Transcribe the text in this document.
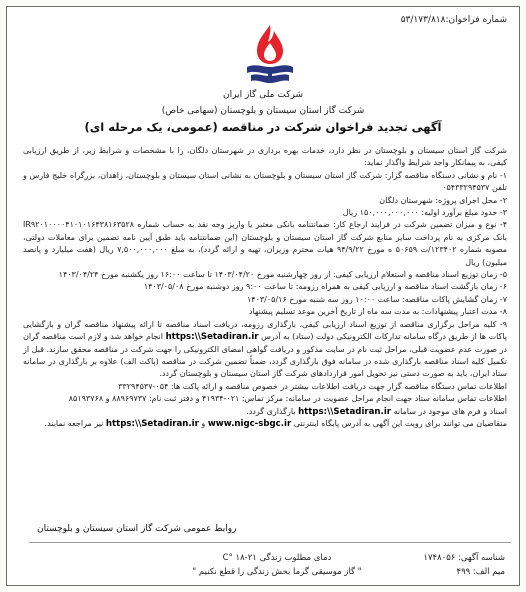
شماره فراخوان:۵۳/۱۷۳/۸۱۸
شرکت ملی گاز ایران
شرکت گاز استان سیستان و بلوچستان (سهامی خاص)
آگهی تجدید فراخوان شرکت در مناقصه (عمومی، یک مرحله ای)

شرکت گاز استان سیستان و بلوچستان در نظر دارد، خدمات بهره برداری در شهرستان دلگان، را با مشخصات و شرایط زیر، از طریق ارزیابی کیفی، به پیمانکار واجد شرایط واگذار نماید:

۱- نام و نشانی دستگاه مناقصه گزار: شرکت گاز استان سیستان و بلوچستان به نشانی استان سیستان و بلوچستان، زاهدان، بزرگراه خلیج فارس و تلفن ۰۵۴۳۳۲۹۴۵۳۷

۲- محل اجرای پروژه: شهرستان دلگان

۳- حدود مبلغ برآورد اولیه: ۱۵۰,۰۰۰,۰۰۰,۰۰۰ ریال

۴- نوع و میزان تضمین شرکت در فرایند ارجاع کار: ضمانتنامه بانکی معتبر یا واریز وجه نقد به حساب شماره IR۹۲۰۱۰۰۰۰۴۱۰۱۰۱۶۴۳۸۱۶۳۵۲۸ بانک مرکزی به نام پرداخت سایر منابع شرکت گاز استان سیستان و بلوچستان (این ضمانتنامه باید طبق آیین نامه تضمین برای معاملات دولتی، مصوبه شماره ۱۲۳۴۰۲/ت ۵۰۶۵۹ ه مورخ ۹۴/۹/۲۲ هیات محترم وزیران، تهیه و ارائه گردد)، به مبلغ ۷,۵۰۰,۰۰۰,۰۰۰ ریال (هفت میلیارد و پانصد میلیون) ریال

۵- زمان توزیع اسناد مناقصه و استعلام ارزیابی کیفی: از روز چهارشنبه مورخ ۱۴۰۳/۰۴/۲۰ تا ساعت ۱۶:۰۰ روز یکشنبه مورخ ۱۴۰۳/۰۴/۲۴

۶- زمان بازگشت اسناد مناقصه و ارزیابی کیفی به همراه رزومه: تا ساعت ۹:۰۰ روز دوشنبه مورخ ۱۴۰۳/۰۵/۰۸

۷- زمان گشایش پاکات مناقصه: ساعت ۱۰:۰۰ روز سه شنبه مورخ ۱۴۰۳/۰۵/۱۶

۸- مدت اعتبار پیشنهادات: به مدت سه ماه از تاریخ آخرین موعد تسلیم پیشنهاد

۹- کلیه مراحل برگزاری مناقصه از توزیع اسناد ارزیابی کیفی، بارگذاری رزومه، دریافت اسناد مناقصه تا ارائه پیشنهاد مناقصه گران و بازگشایی پاکات ها از طریق درگاه سامانه تدارکات الکترونیکی دولت (ستاد) به آدرس https:\\Setadiran.ir انجام خواهد شد و لازم است مناقصه گران در صورت عدم عضویت قبلی، مراحل ثبت نام در سایت مذکور و دریافت گواهی امضای الکترونیکی را جهت شرکت در مناقصه محقق سازند. قبل از تکمیل کلیه اسناد مناقصه بارگذاری شده در سامانه فوق بارگذاری گردد، ضمناً تضمین شرکت در مناقصه (پاکت الف) علاوه بر بارگذاری در سامانه ستاد ایران، باید به صورت دستی نیز تحویل امور قراردادهای شرکت گاز استان سیستان و بلوچستان گردد.

اطلاعات تماس دستگاه مناقصه گزار جهت دریافت اطلاعات بیشتر در خصوص مناقصه و ارائه پاکت ها: ۰۵۴-۳۳۲۹۴۵۳۷

اطلاعات تماس سامانه ستاد جهت انجام مراحل عضویت در سامانه: مرکز تماس: ۰۲۱-۴۱۹۳۴ و دفتر ثبت نام: ۸۸۹۶۹۷۳۷ و ۸۵۱۹۳۷۶۸

اسناد و فرم های موجود در سامانه https:\\Setadiran.ir بارگذاری گردد.

متقاضیان می توانند برای رویت این آگهی به آدرس پایگاه اینترنتی www.nigc-sbgc.ir و https:\\Setadiran.ir نیز مراجعه نمایند.

روابط عمومی شرکت گاز استان سیستان و بلوچستان
دمای مطلوب زندگی ۲۱-۱۸ °C
" گاز موسیقی گرما بخش زندگی را قطع نکنیم "
شناسه آگهی: ۱۷۴۸۰۵۶
میم الف: ۴۹۹
